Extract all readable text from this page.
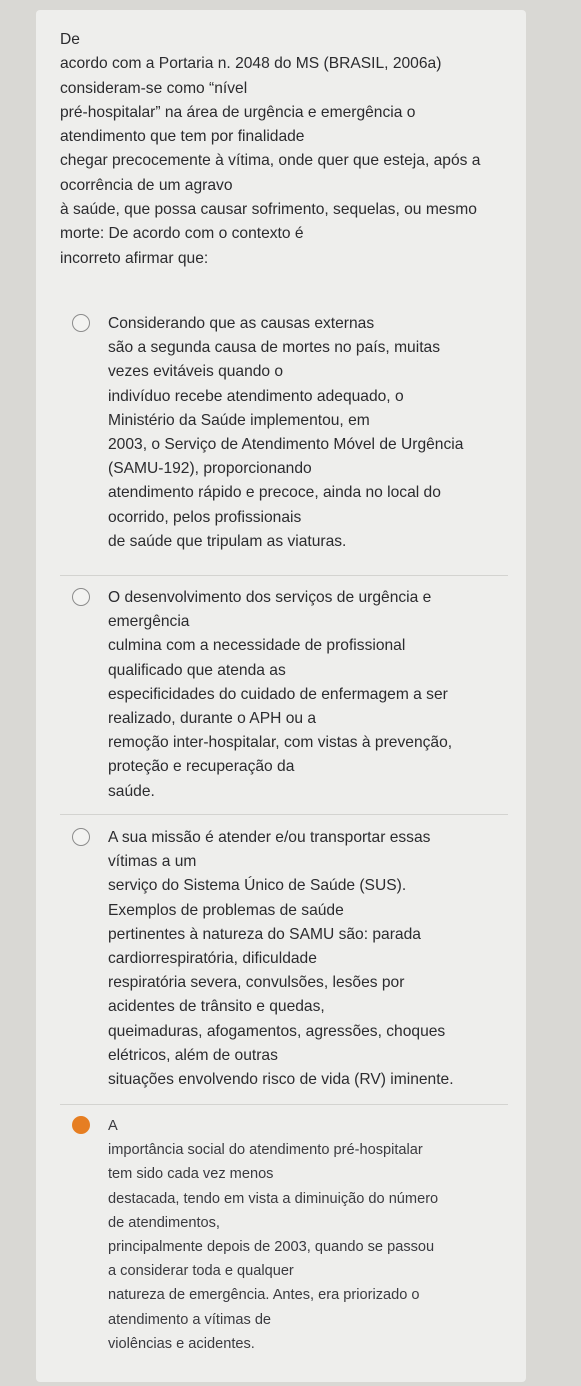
De
acordo com a Portaria n. 2048 do MS (BRASIL, 2006a)
consideram-se como “nível
pré-hospitalar” na área de urgência e emergência o
atendimento que tem por finalidade
chegar precocemente à vítima, onde quer que esteja, após a
ocorrência de um agravo
à saúde, que possa causar sofrimento, sequelas, ou mesmo
morte: De acordo com o contexto é
incorreto afirmar que:

Considerando que as causas externas
são a segunda causa de mortes no país, muitas
vezes evitáveis quando o
indivíduo recebe atendimento adequado, o
Ministério da Saúde implementou, em
2003, o Serviço de Atendimento Móvel de Urgência
(SAMU-192), proporcionando
atendimento rápido e precoce, ainda no local do
ocorrido, pelos profissionais
de saúde que tripulam as viaturas.

O desenvolvimento dos serviços de urgência e
emergência
culmina com a necessidade de profissional
qualificado que atenda as
especificidades do cuidado de enfermagem a ser
realizado, durante o APH ou a
remoção inter-hospitalar, com vistas à prevenção,
proteção e recuperação da
saúde.

A sua missão é atender e/ou transportar essas
vítimas a um
serviço do Sistema Único de Saúde (SUS).
Exemplos de problemas de saúde
pertinentes à natureza do SAMU são: parada
cardiorrespiratória, dificuldade
respiratória severa, convulsões, lesões por
acidentes de trânsito e quedas,
queimaduras, afogamentos, agressões, choques
elétricos, além de outras
situações envolvendo risco de vida (RV) iminente.

A
importância social do atendimento pré-hospitalar
tem sido cada vez menos
destacada, tendo em vista a diminuição do número
de atendimentos,
principalmente depois de 2003, quando se passou
a considerar toda e qualquer
natureza de emergência. Antes, era priorizado o
atendimento a vítimas de
violências e acidentes.
